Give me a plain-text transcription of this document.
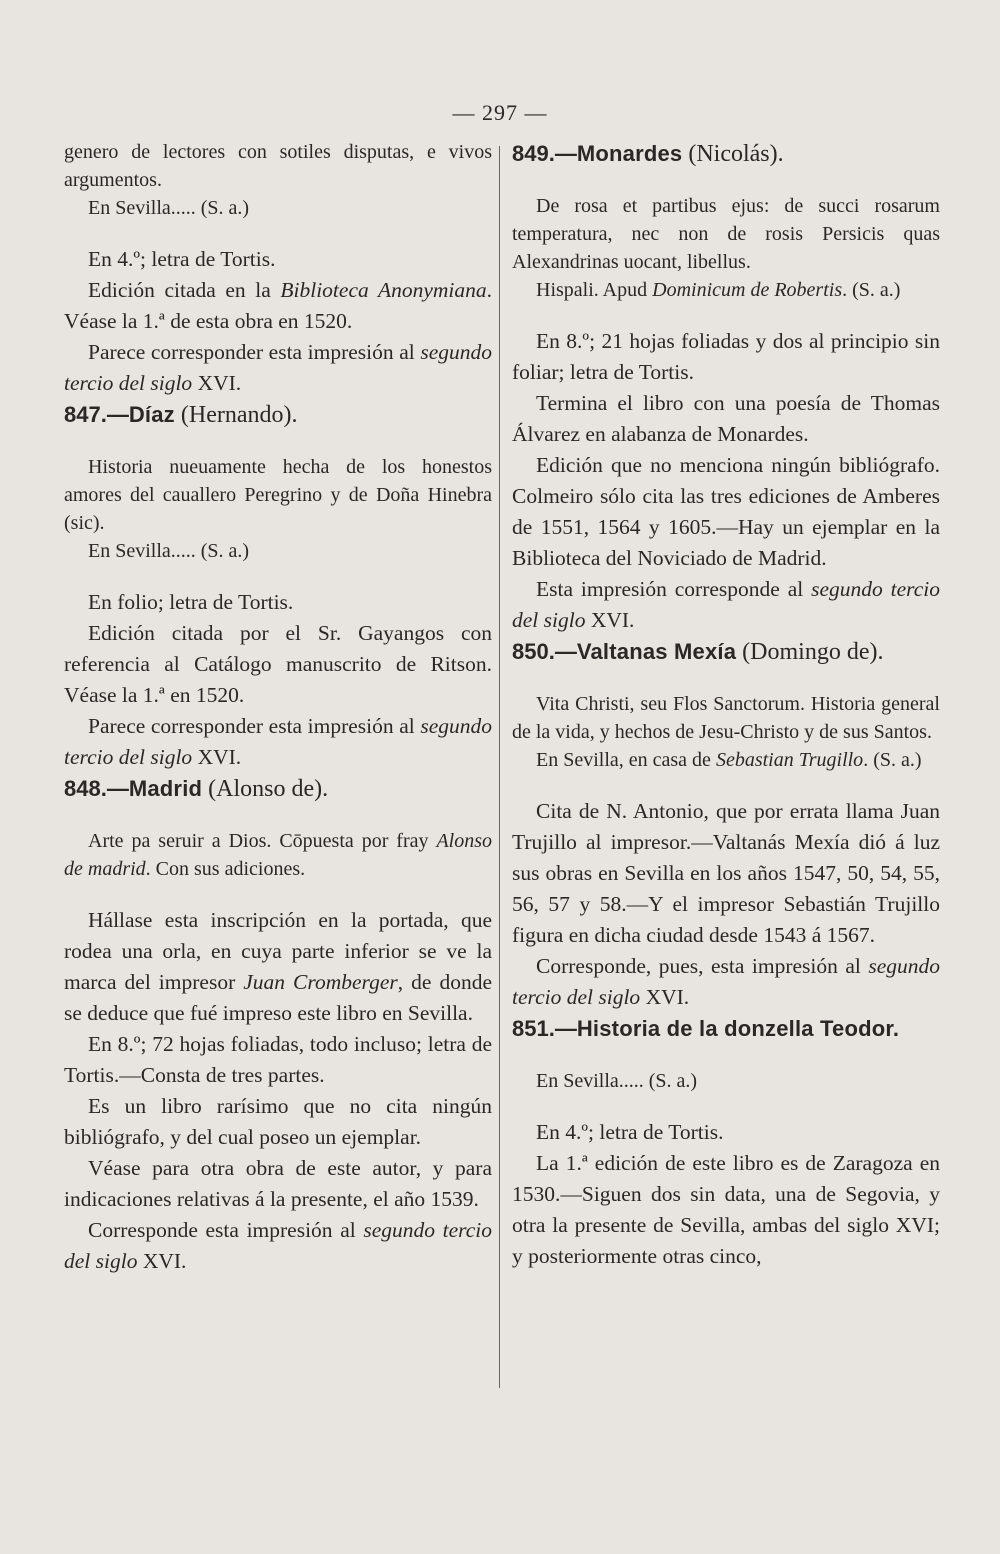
— 297 —

genero de lectores con sotiles disputas, e vivos argumentos.

En Sevilla..... (S. a.)

En 4.º; letra de Tortis.

Edición citada en la Biblioteca Anonymiana. Véase la 1.ª de esta obra en 1520.

Parece corresponder esta impresión al segundo tercio del siglo XVI.

847.—Díaz (Hernando).

Historia nueuamente hecha de los honestos amores del cauallero Peregrino y de Doña Hinebra (sic).

En Sevilla..... (S. a.)

En folio; letra de Tortis.

Edición citada por el Sr. Gayangos con referencia al Catálogo manuscrito de Ritson. Véase la 1.ª en 1520.

Parece corresponder esta impresión al segundo tercio del siglo XVI.

848.—Madrid (Alonso de).

Arte pa seruir a Dios. Cōpuesta por fray Alonso de madrid. Con sus adiciones.

Hállase esta inscripción en la portada, que rodea una orla, en cuya parte inferior se ve la marca del impresor Juan Cromberger, de donde se deduce que fué impreso este libro en Sevilla.

En 8.º; 72 hojas foliadas, todo incluso; letra de Tortis.—Consta de tres partes.

Es un libro rarísimo que no cita ningún bibliógrafo, y del cual poseo un ejemplar.

Véase para otra obra de este autor, y para indicaciones relativas á la presente, el año 1539.

Corresponde esta impresión al segundo tercio del siglo XVI.

849.—Monardes (Nicolás).

De rosa et partibus ejus: de succi rosarum temperatura, nec non de rosis Persicis quas Alexandrinas uocant, libellus.

Hispali. Apud Dominicum de Robertis. (S. a.)

En 8.º; 21 hojas foliadas y dos al principio sin foliar; letra de Tortis.

Termina el libro con una poesía de Thomas Álvarez en alabanza de Monardes.

Edición que no menciona ningún bibliógrafo. Colmeiro sólo cita las tres ediciones de Amberes de 1551, 1564 y 1605.—Hay un ejemplar en la Biblioteca del Noviciado de Madrid.

Esta impresión corresponde al segundo tercio del siglo XVI.

850.—Valtanas Mexía (Domingo de).

Vita Christi, seu Flos Sanctorum. Historia general de la vida, y hechos de Jesu-Christo y de sus Santos.

En Sevilla, en casa de Sebastian Trugillo. (S. a.)

Cita de N. Antonio, que por errata llama Juan Trujillo al impresor.—Valtanás Mexía dió á luz sus obras en Sevilla en los años 1547, 50, 54, 55, 56, 57 y 58.—Y el impresor Sebastián Trujillo figura en dicha ciudad desde 1543 á 1567.

Corresponde, pues, esta impresión al segundo tercio del siglo XVI.

851.—Historia de la donzella Teodor.

En Sevilla..... (S. a.)

En 4.º; letra de Tortis.

La 1.ª edición de este libro es de Zaragoza en 1530.—Siguen dos sin data, una de Segovia, y otra la presente de Sevilla, ambas del siglo XVI; y posteriormente otras cinco,
